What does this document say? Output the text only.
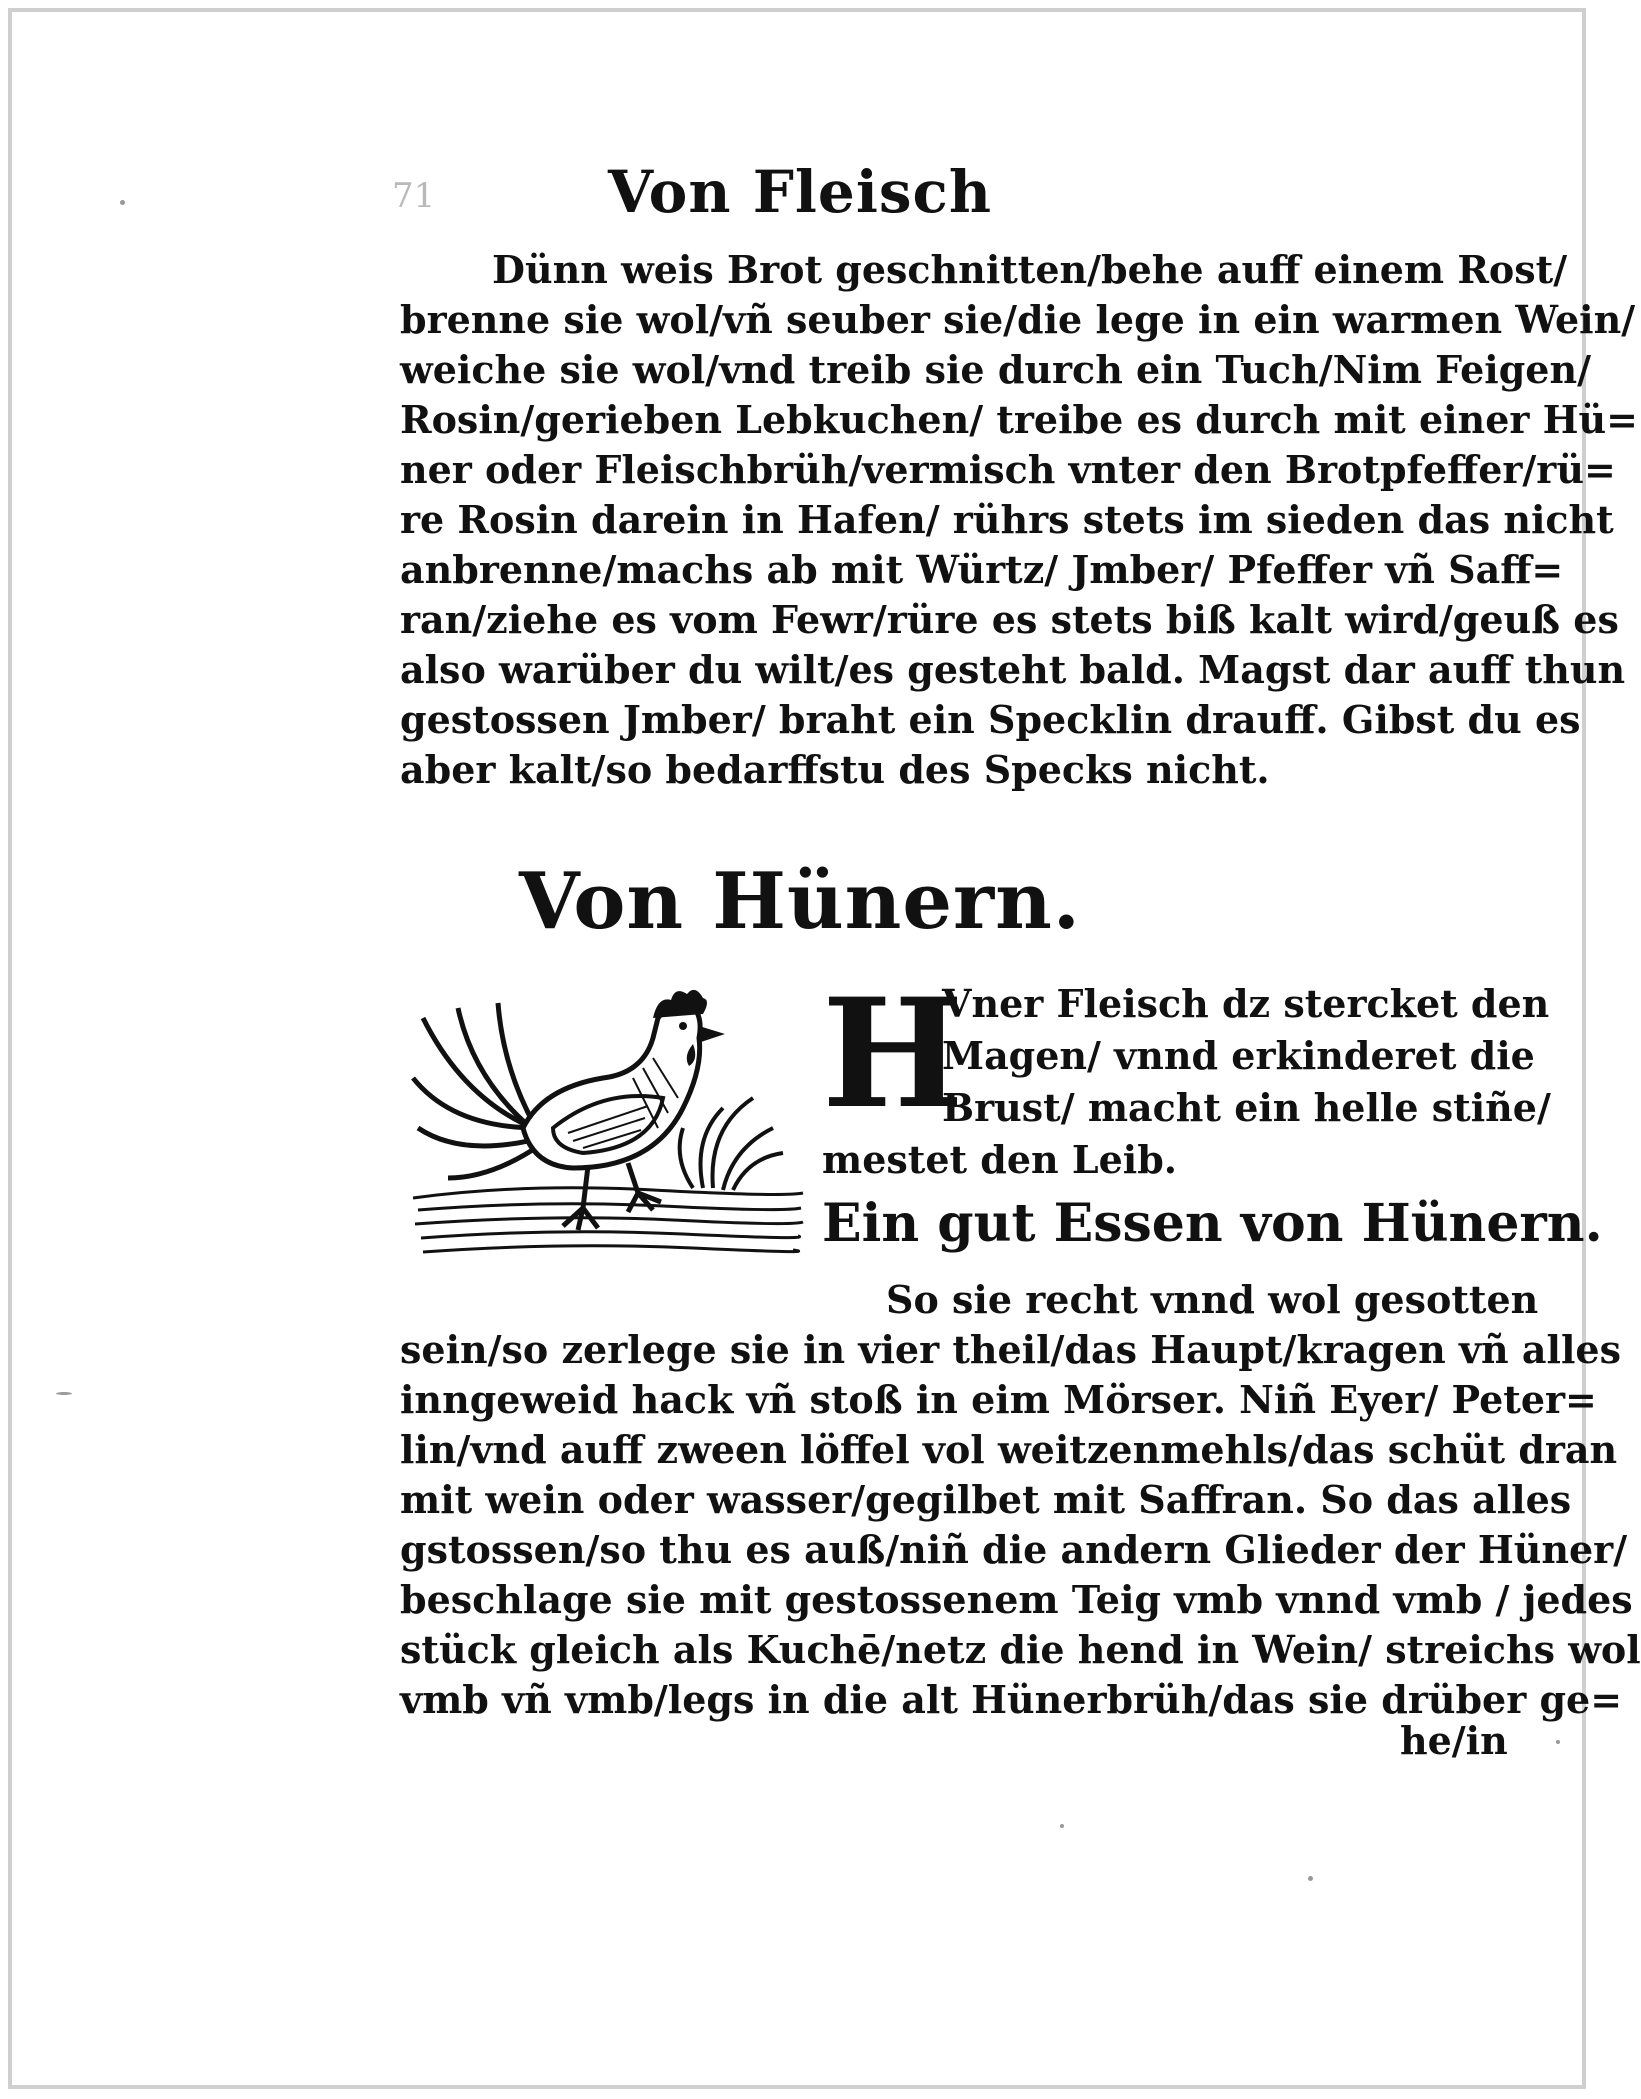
71	Von Fleisch
Dünn weis Brot geschnitten/behe auff einem Rost/
brenne sie wol/vñ seuber sie/die lege in ein warmen Wein/
weiche sie wol/vnd treib sie durch ein Tuch/Nim Feigen/
Rosin/gerieben Lebkuchen/ treibe es durch mit einer Hü=
ner oder Fleischbrüh/vermisch vnter den Brotpfeffer/rü=
re Rosin darein in Hafen/ rührs stets im sieden das nicht
anbrenne/machs ab mit Würtz/ Jmber/ Pfeffer vñ Saff=
ran/ziehe es vom Fewr/rüre es stets biß kalt wird/geuß es
also warüber du wilt/es gesteht bald. Magst dar auff thun
gestossen Jmber/ braht ein Specklin drauff. Gibst du es
aber kalt/so bedarffstu des Specks nicht.
Von Hünern.
H
Vner Fleisch dz stercket den
Magen/ vnnd erkinderet die
Brust/ macht ein helle stiñe/
mestet den Leib.
Ein gut Essen von Hünern.
So sie recht vnnd wol gesotten
sein/so zerlege sie in vier theil/das Haupt/kragen vñ alles
inngeweid hack vñ stoß in eim Mörser. Niñ Eyer/ Peter=
lin/vnd auff zween löffel vol weitzenmehls/das schüt dran
mit wein oder wasser/gegilbet mit Saffran. So das alles
gstossen/so thu es auß/niñ die andern Glieder der Hüner/
beschlage sie mit gestossenem Teig vmb vnnd vmb / jedes
stück gleich als Kuchē/netz die hend in Wein/ streichs wol
vmb vñ vmb/legs in die alt Hünerbrüh/das sie drüber ge=
he/in
